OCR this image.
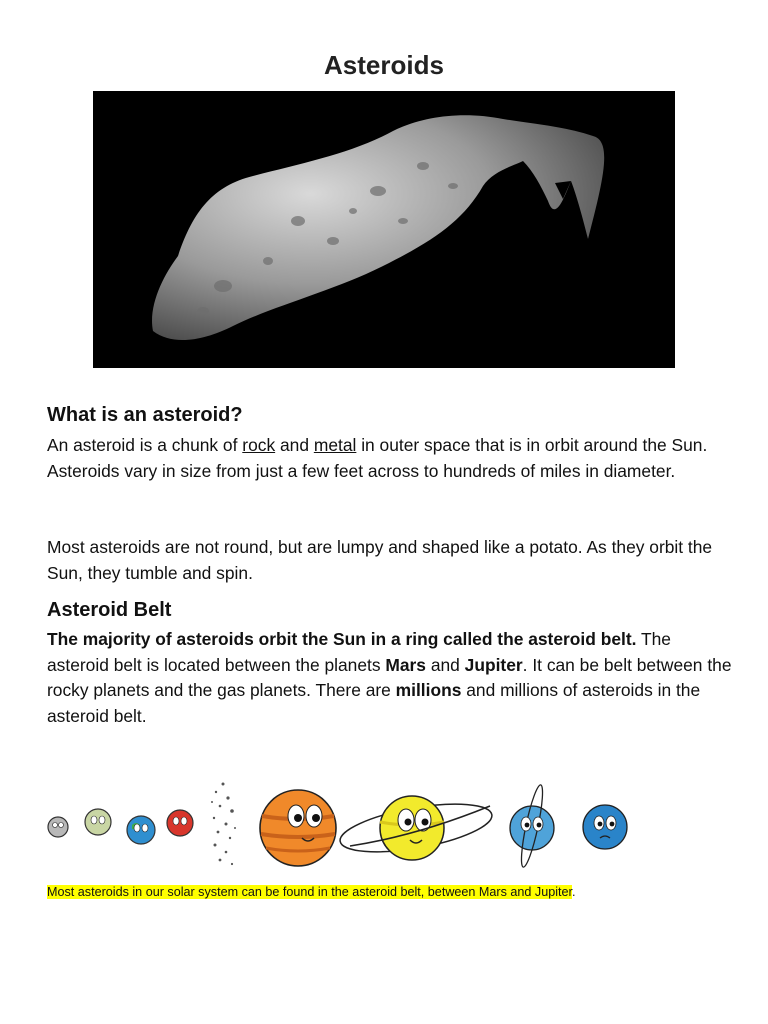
Asteroids
What is an asteroid?

An asteroid is a chunk of rock and metal in outer space that is in orbit around the Sun. Asteroids vary in size from just a few feet across to hundreds of miles in diameter.

Most asteroids are not round, but are lumpy and shaped like a potato. As they orbit the Sun, they tumble and spin.

Asteroid Belt

The majority of asteroids orbit the Sun in a ring called the asteroid belt. The asteroid belt is located between the planets Mars and Jupiter. It can be belt between the rocky planets and the gas planets. There are millions and millions of asteroids in the asteroid belt.

Most asteroids in our solar system can be found in the asteroid belt, between Mars and Jupiter.
